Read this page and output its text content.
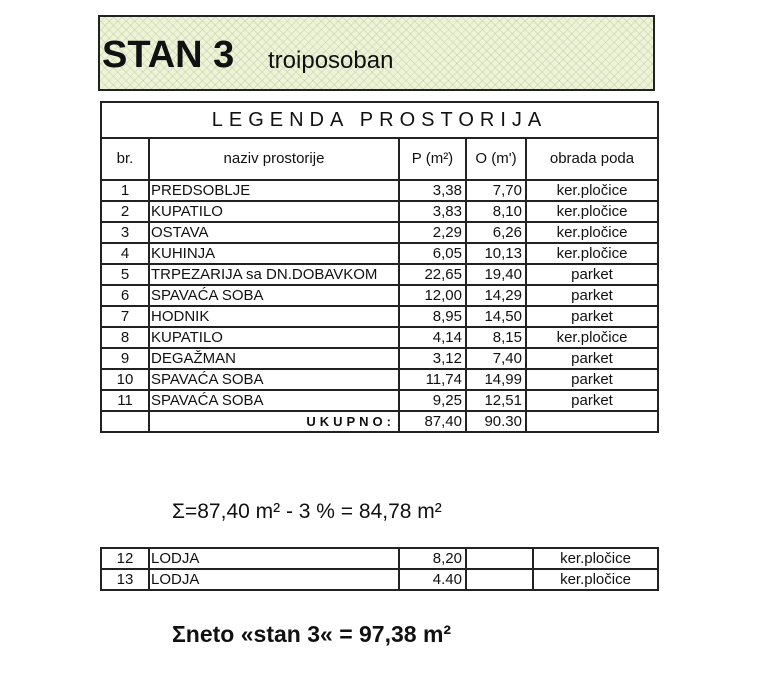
STAN 3 troiposoban
LEGENDA PROSTORIJA				
br.	naziv prostorije	P (m²)	O (m')	obrada poda
1	PREDSOBLJE	3,38	7,70	ker.pločice
2	KUPATILO	3,83	8,10	ker.pločice
3	OSTAVA	2,29	6,26	ker.pločice
4	KUHINJA	6,05	10,13	ker.pločice
5	TRPEZARIJA sa DN.DOBAVKOM	22,65	19,40	parket
6	SPAVAĆA SOBA	12,00	14,29	parket
7	HODNIK	8,95	14,50	parket
8	KUPATILO	4,14	8,15	ker.pločice
9	DEGAŽMAN	3,12	7,40	parket
10	SPAVAĆA SOBA	11,74	14,99	parket
11	SPAVAĆA SOBA	9,25	12,51	parket
	UKUPNO:	87,40	90.30	
Σ=87,40 m² - 3 % = 84,78 m²
12	LODJA	8,20		ker.pločice
13	LODJA	4.40		ker.pločice
Σneto «stan 3« = 97,38 m²
